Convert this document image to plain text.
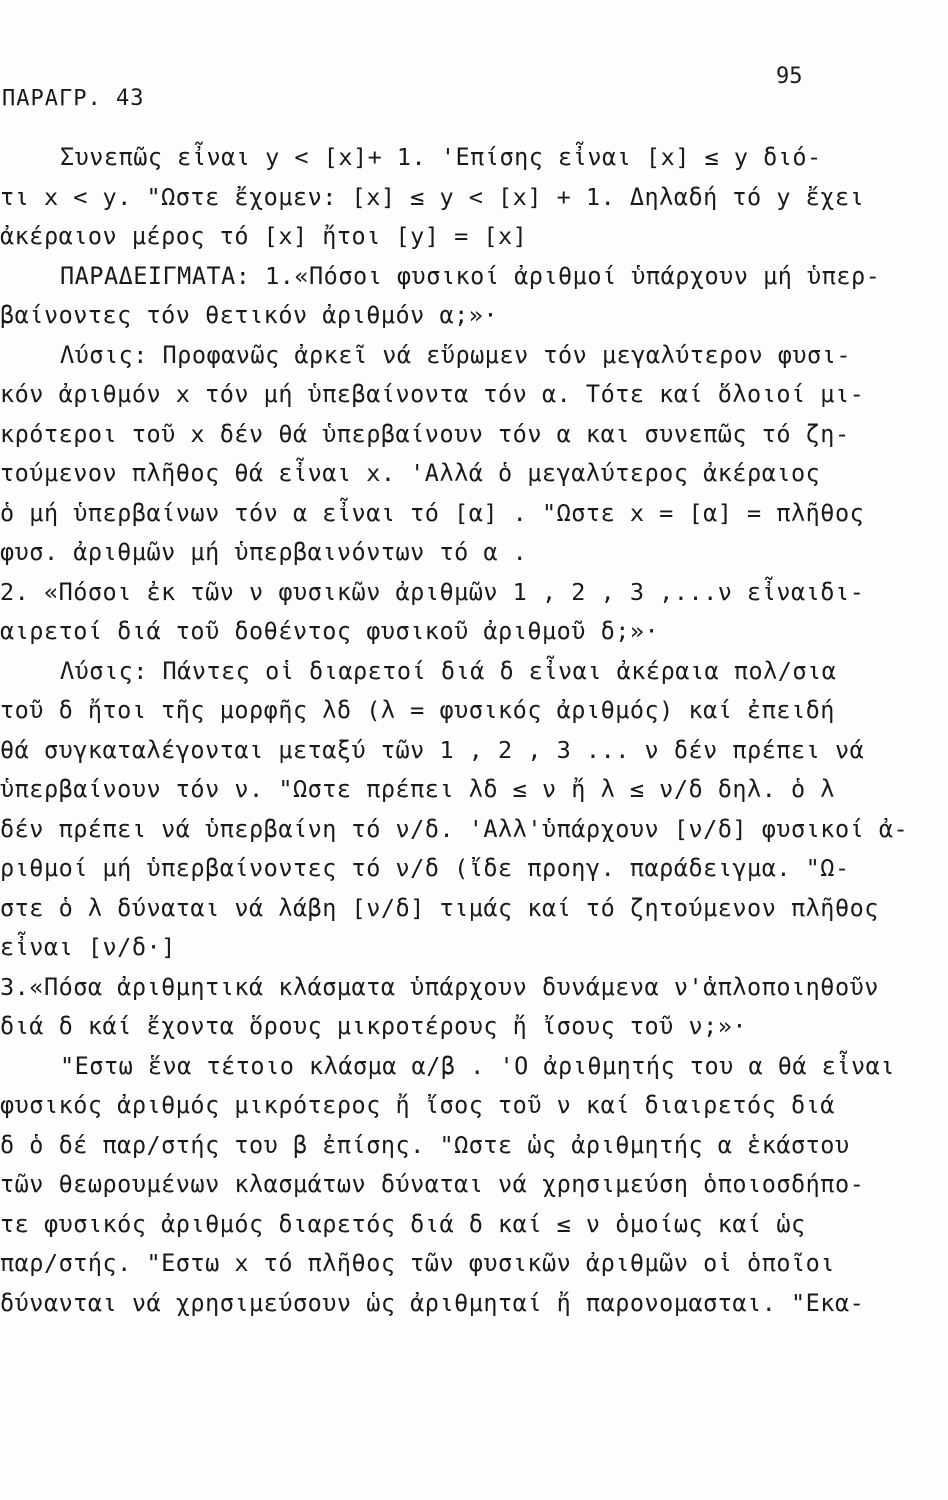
ΠΑΡΑΓΡ. 43
95
Συνεπῶς εἶναι y < [x]+ 1. 'Επίσης εἶναι [x] ≤ y διό-
τι x < y. "Ωστε ἔχομεν: [x] ≤ y < [x] + 1. Δηλαδή τό y ἔχει
ἀκέραιον μέρος τό [x] ἤτοι [y] = [x]
ΠΑΡΑΔΕΙΓΜΑΤΑ: 1.«Πόσοι φυσικοί ἀριθμοί ὑπάρχουν μή ὑπερ-
βαίνοντες τόν θετικόν ἀριθμόν α;»·
Λύσις: Προφανῶς ἀρκεῖ νά εὕρωμεν τόν μεγαλύτερον φυσι-
κόν ἀριθμόν x τόν μή ὑπεβαίνοντα τόν α. Τότε καί ὅλοιοί μι-
κρότεροι τοῦ x δέν θά ὑπερβαίνουν τόν α και συνεπῶς τό ζη-
τούμενον πλῆθος θά εἶναι x. 'Αλλά ὁ μεγαλύτερος ἀκέραιος
ὁ μή ὑπερβαίνων τόν α εἶναι τό [α] . "Ωστε x = [α] = πλῆθος
φυσ. ἀριθμῶν μή ὑπερβαινόντων τό α .
2. «Πόσοι ἐκ τῶν ν φυσικῶν ἀριθμῶν 1 , 2 , 3 ,...ν εἶναιδι-
αιρετοί διά τοῦ δοθέντος φυσικοῦ ἀριθμοῦ δ;»·
Λύσις: Πάντες οἱ διαρετοί διά δ εἶναι ἀκέραια πολ/σια
τοῦ δ ἤτοι τῆς μορφῆς λδ (λ = φυσικός ἀριθμός) καί ἐπειδή
θά συγκαταλέγονται μεταξύ τῶν 1 , 2 , 3 ... ν δέν πρέπει νά
ὑπερβαίνουν τόν ν. "Ωστε πρέπει λδ ≤ ν ἤ λ ≤ ν/δ δηλ. ὁ λ
δέν πρέπει νά ὑπερβαίνη τό ν/δ. 'Αλλ'ὑπάρχουν [ν/δ] φυσικοί ἀ-
ριθμοί μή ὑπερβαίνοντες τό ν/δ (ἴδε προηγ. παράδειγμα. "Ω-
στε ὁ λ δύναται νά λάβη [ν/δ] τιμάς καί τό ζητούμενον πλῆθος
εἶναι [ν/δ·]
3.«Πόσα ἀριθμητικά κλάσματα ὑπάρχουν δυνάμενα ν'ἁπλοποιηθοῦν
διά δ κάί ἔχοντα ὅρους μικροτέρους ἤ ἴσους τοῦ ν;»·
"Εστω ἕνα τέτοιο κλάσμα α/β . 'Ο ἀριθμητής του α θά εἶναι
φυσικός ἀριθμός μικρότερος ἤ ἴσος τοῦ ν καί διαιρετός διά
δ ὁ δέ παρ/στής του β ἐπίσης. "Ωστε ὡς ἀριθμητής α ἑκάστου
τῶν θεωρουμένων κλασμάτων δύναται νά χρησιμεύση ὁποιοσδήπο-
τε φυσικός ἀριθμός διαρετός διά δ καί ≤ ν ὁμοίως καί ὡς
παρ/στής. "Εστω x τό πλῆθος τῶν φυσικῶν ἀριθμῶν οἱ ὁποῖοι
δύνανται νά χρησιμεύσουν ὡς ἀριθμηταί ἤ παρονομασται. "Εκα-
